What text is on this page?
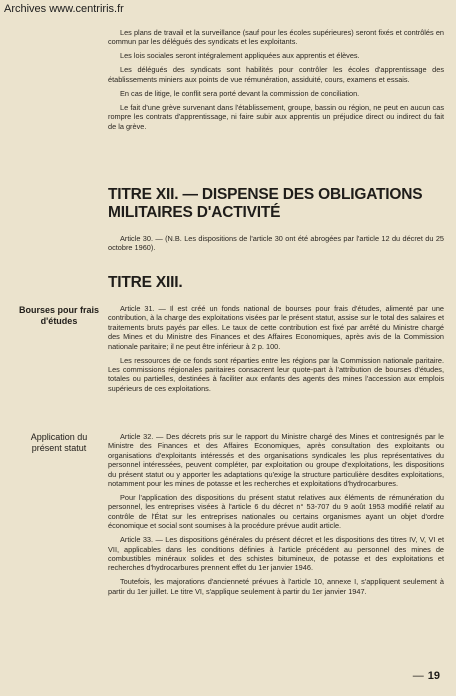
Archives www.centriris.fr

Les plans de travail et la surveillance (sauf pour les écoles supérieures) seront fixés et contrôlés en commun par les délégués des syndicats et les exploitants.

Les lois sociales seront intégralement appliquées aux apprentis et élèves.

Les délégués des syndicats sont habilités pour contrôler les écoles d'apprentissage des établissements miniers aux points de vue rémunération, assiduité, cours, examens et essais.

En cas de litige, le conflit sera porté devant la commission de conciliation.

Le fait d'une grève survenant dans l'établissement, groupe, bassin ou région, ne peut en aucun cas rompre les contrats d'apprentissage, ni faire subir aux apprentis un préjudice direct ou indirect du fait de la grève.

TITRE XII. — DISPENSE DES OBLIGATIONS MILITAIRES D'ACTIVITÉ

Article 30. — (N.B. Les dispositions de l'article 30 ont été abrogées par l'article 12 du décret du 25 octobre 1960).

TITRE XIII.
Bourses pour frais d'études

Article 31. — Il est créé un fonds national de bourses pour frais d'études, alimenté par une contribution, à la charge des exploitations visées par le présent statut, assise sur le total des salaires et traitements bruts payés par elles. Le taux de cette contribution est fixé par arrêté du Ministre chargé des Mines et du Ministre des Finances et des Affaires Economiques, après avis de la Commission nationale paritaire; il ne peut être inférieur à 2 p. 100.

Les ressources de ce fonds sont réparties entre les régions par la Commission nationale paritaire. Les commissions régionales paritaires consacrent leur quote-part à l'attribution de bourses d'études, totales ou partielles, destinées à faciliter aux enfants des agents des mines l'accession aux emplois supérieurs de ces exploitations.

Application du présent statut

Article 32. — Des décrets pris sur le rapport du Ministre chargé des Mines et contresignés par le Ministre des Finances et des Affaires Economiques, après consultation des exploitants ou organisations d'exploitants intéressés et des organisations syndicales les plus représentatives du personnel intéressées, peuvent compléter, par exploitation ou groupe d'exploitations, les dispositions du présent statut ou y apporter les adaptations qu'exige la structure particulière desdites exploitations, notamment pour les mines de potasse et les recherches et exploitations d'hydrocarbures.

Pour l'application des dispositions du présent statut relatives aux éléments de rémunération du personnel, les entreprises visées à l'article 6 du décret n° 53-707 du 9 août 1953 modifié relatif au contrôle de l'État sur les entreprises nationales ou certains organismes ayant un objet d'ordre économique et social sont soumises à la procédure prévue audit article.

Article 33. — Les dispositions générales du présent décret et les dispositions des titres IV, V, VI et VII, applicables dans les conditions définies à l'article précédent au personnel des mines de combustibles minéraux solides et des schistes bitumineux, de potasse et des exploitations et recherches d'hydrocarbures prennent effet du 1er janvier 1946.

Toutefois, les majorations d'ancienneté prévues à l'article 10, annexe I, s'appliquent seulement à partir du 1er juillet. Le titre VI, s'applique seulement à partir du 1er janvier 1947.

— 19
